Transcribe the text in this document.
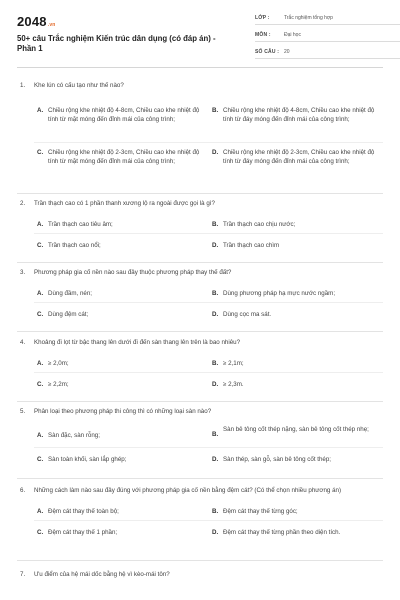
2048.vn
50+ câu Trắc nghiệm Kiến trúc dân dụng (có đáp án) - Phần 1
LỚP :	Trắc nghiệm tổng hợp
MÔN :	Đại học
SỐ CÂU : 20
1.	Khe lún có cấu tạo như thế nào?
A. Chiều rộng khe nhiệt độ 4-8cm, Chiều cao khe nhiệt độ tính từ mặt móng đến đỉnh mái của công trình;
B. Chiều rộng khe nhiệt độ 4-8cm, Chiều cao khe nhiệt độ tính từ đáy móng đến đỉnh mái của công trình;
C. Chiều rộng khe nhiệt độ 2-3cm, Chiều cao khe nhiệt độ tính từ mặt móng đến đỉnh mái của công trình;
D. Chiều rộng khe nhiệt độ 2-3cm, Chiều cao khe nhiệt độ tính từ đáy móng đến đỉnh mái của công trình;
2.	Trần thạch cao có 1 phần thanh xương lộ ra ngoài được gọi là gì?
A. Trần thạch cao tiêu âm;	B. Trần thạch cao chịu nước;
C. Trần thạch cao nổi;	D. Trần thạch cao chìm
3.	Phương pháp gia cố nền nào sau đây thuộc phương pháp thay thế đất?
A. Dùng đầm, nén;	B. Dùng phương pháp hạ mực nước ngầm;
C. Dùng đệm cát;	D. Dùng cọc ma sát.
4.	Khoảng đi lọt từ bậc thang lên dưới đi đến sàn thang lên trên là bao nhiêu?
A. ≥ 2,0m;	B. ≥ 2,1m;
C. ≥ 2,2m;	D. ≥ 2,3m.
5.	Phân loại theo phương pháp thi công thì có những loại sàn nào?
A. Sàn đặc, sàn rỗng;	B.
Sàn bê tông cốt thép nặng, sàn bê tông cốt thép nhẹ;
C. Sàn toàn khối, sàn lắp ghép;	D. Sàn thép, sàn gỗ, sàn bê tông cốt thép;
6.	Những cách làm nào sau đây đúng với phương pháp gia cố nền bằng đệm cát? (Có thể chọn nhiều phương án)
A. Đệm cát thay thế toàn bộ;	B. Đệm cát thay thế từng góc;
C. Đệm cát thay thế 1 phần;	D. Đệm cát thay thế từng phần theo diện tích.
7.	Ưu điểm của hệ mái dốc bằng hệ vì kèo-mái tôn?
